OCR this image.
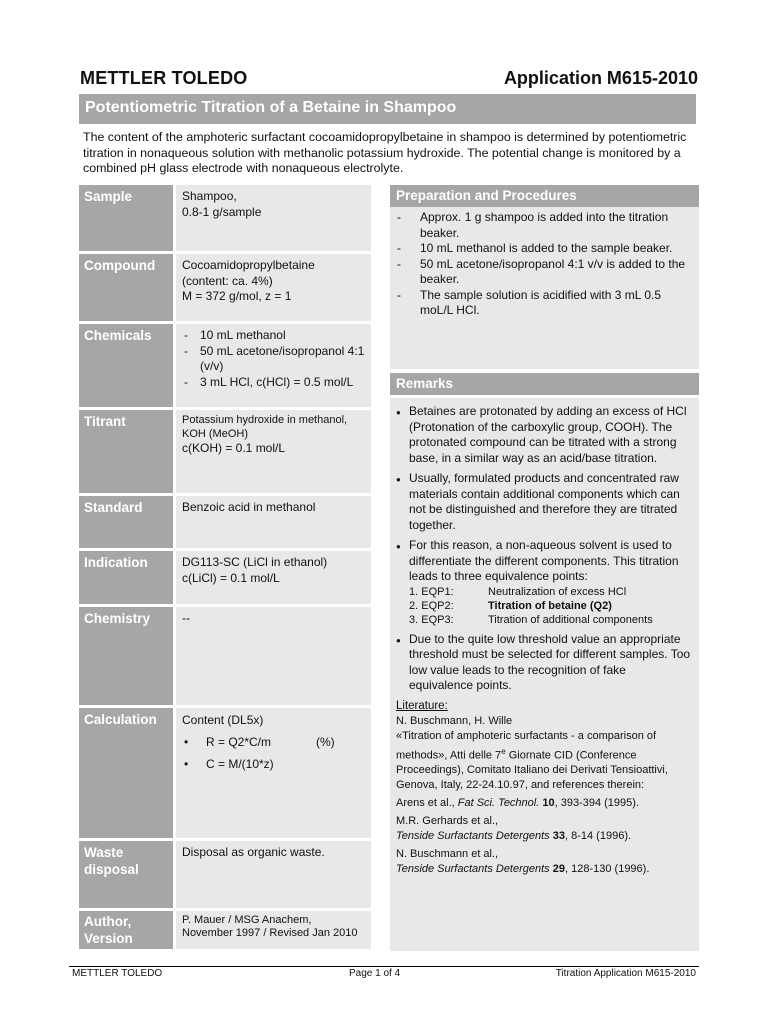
METTLER TOLEDO	Application M615-2010
Potentiometric Titration of a Betaine in Shampoo
The content of the amphoteric surfactant cocoamidopropylbetaine in shampoo is determined by potentiometric titration in nonaqueous solution with methanolic potassium hydroxide. The potential change is monitored by a combined pH glass electrode with nonaqueous electrolyte.
Sample	Shampoo,
0.8-1 g/sample
Compound	Cocoamidopropylbetaine
(content: ca. 4%)
M = 372 g/mol, z = 1
Chemicals
-	10 mL methanol
- 50 mL acetone/isopropanol 4:1 (v/v)
- 3 mL HCl, c(HCl) = 0.5 mol/L
Titrant	Potassium hydroxide in methanol,
KOH (MeOH)
c(KOH) = 0.1 mol/L
Standard	Benzoic acid in methanol
Indication	DG113-SC (LiCl in ethanol)
c(LiCl) = 0.1 mol/L
Chemistry	--
Calculation	Content (DL5x)
• R = Q2*C/m	(%)
• C = M/(10*z)
Waste
disposal
Disposal as organic waste.
Author,
Version
P. Mauer / MSG Anachem,
November 1997 / Revised Jan 2010
Preparation and Procedures
- Approx. 1 g shampoo is added into the titration beaker.
- 10 mL methanol is added to the sample beaker.
- 50 mL acetone/isopropanol 4:1 v/v is added to the beaker.
- The sample solution is acidified with 3 mL 0.5 moL/L HCl.
Remarks
● Betaines are protonated by adding an excess of HCl (Protonation of the carboxylic group, COOH). The protonated compound can be titrated with a strong base, in a similar way as an acid/base titration.
● Usually, formulated products and concentrated raw materials contain additional components which can not be distinguished and therefore they are titrated together.
● For this reason, a non-aqueous solvent is used to differentiate the different components. This titration leads to three equivalence points:
1. EQP1:	Neutralization of excess HCl
2. EQP2:	Titration of betaine (Q2)
3. EQP3:	Titration of additional components
● Due to the quite low threshold value an appropriate threshold must be selected for different samples. Too low value leads to the recognition of fake equivalence points.
Literature:

N. Buschmann, H. Wille
«Titration of amphoteric surfactants - a comparison of methods», Atti delle 7e Giornate CID (Conference Proceedings), Comitato Italiano dei Derivati Tensioattivi, Genova, Italy, 22-24.10.97, and references therein:

Arens et al., Fat Sci. Technol. 10, 393-394 (1995).

M.R. Gerhards et al.,
Tenside Surfactants Detergents 33, 8-14 (1996).

N. Buschmann et al.,
Tenside Surfactants Detergents 29, 128-130 (1996).

METTLER TOLEDO	Page 1 of 4	Titration Application M615-2010
